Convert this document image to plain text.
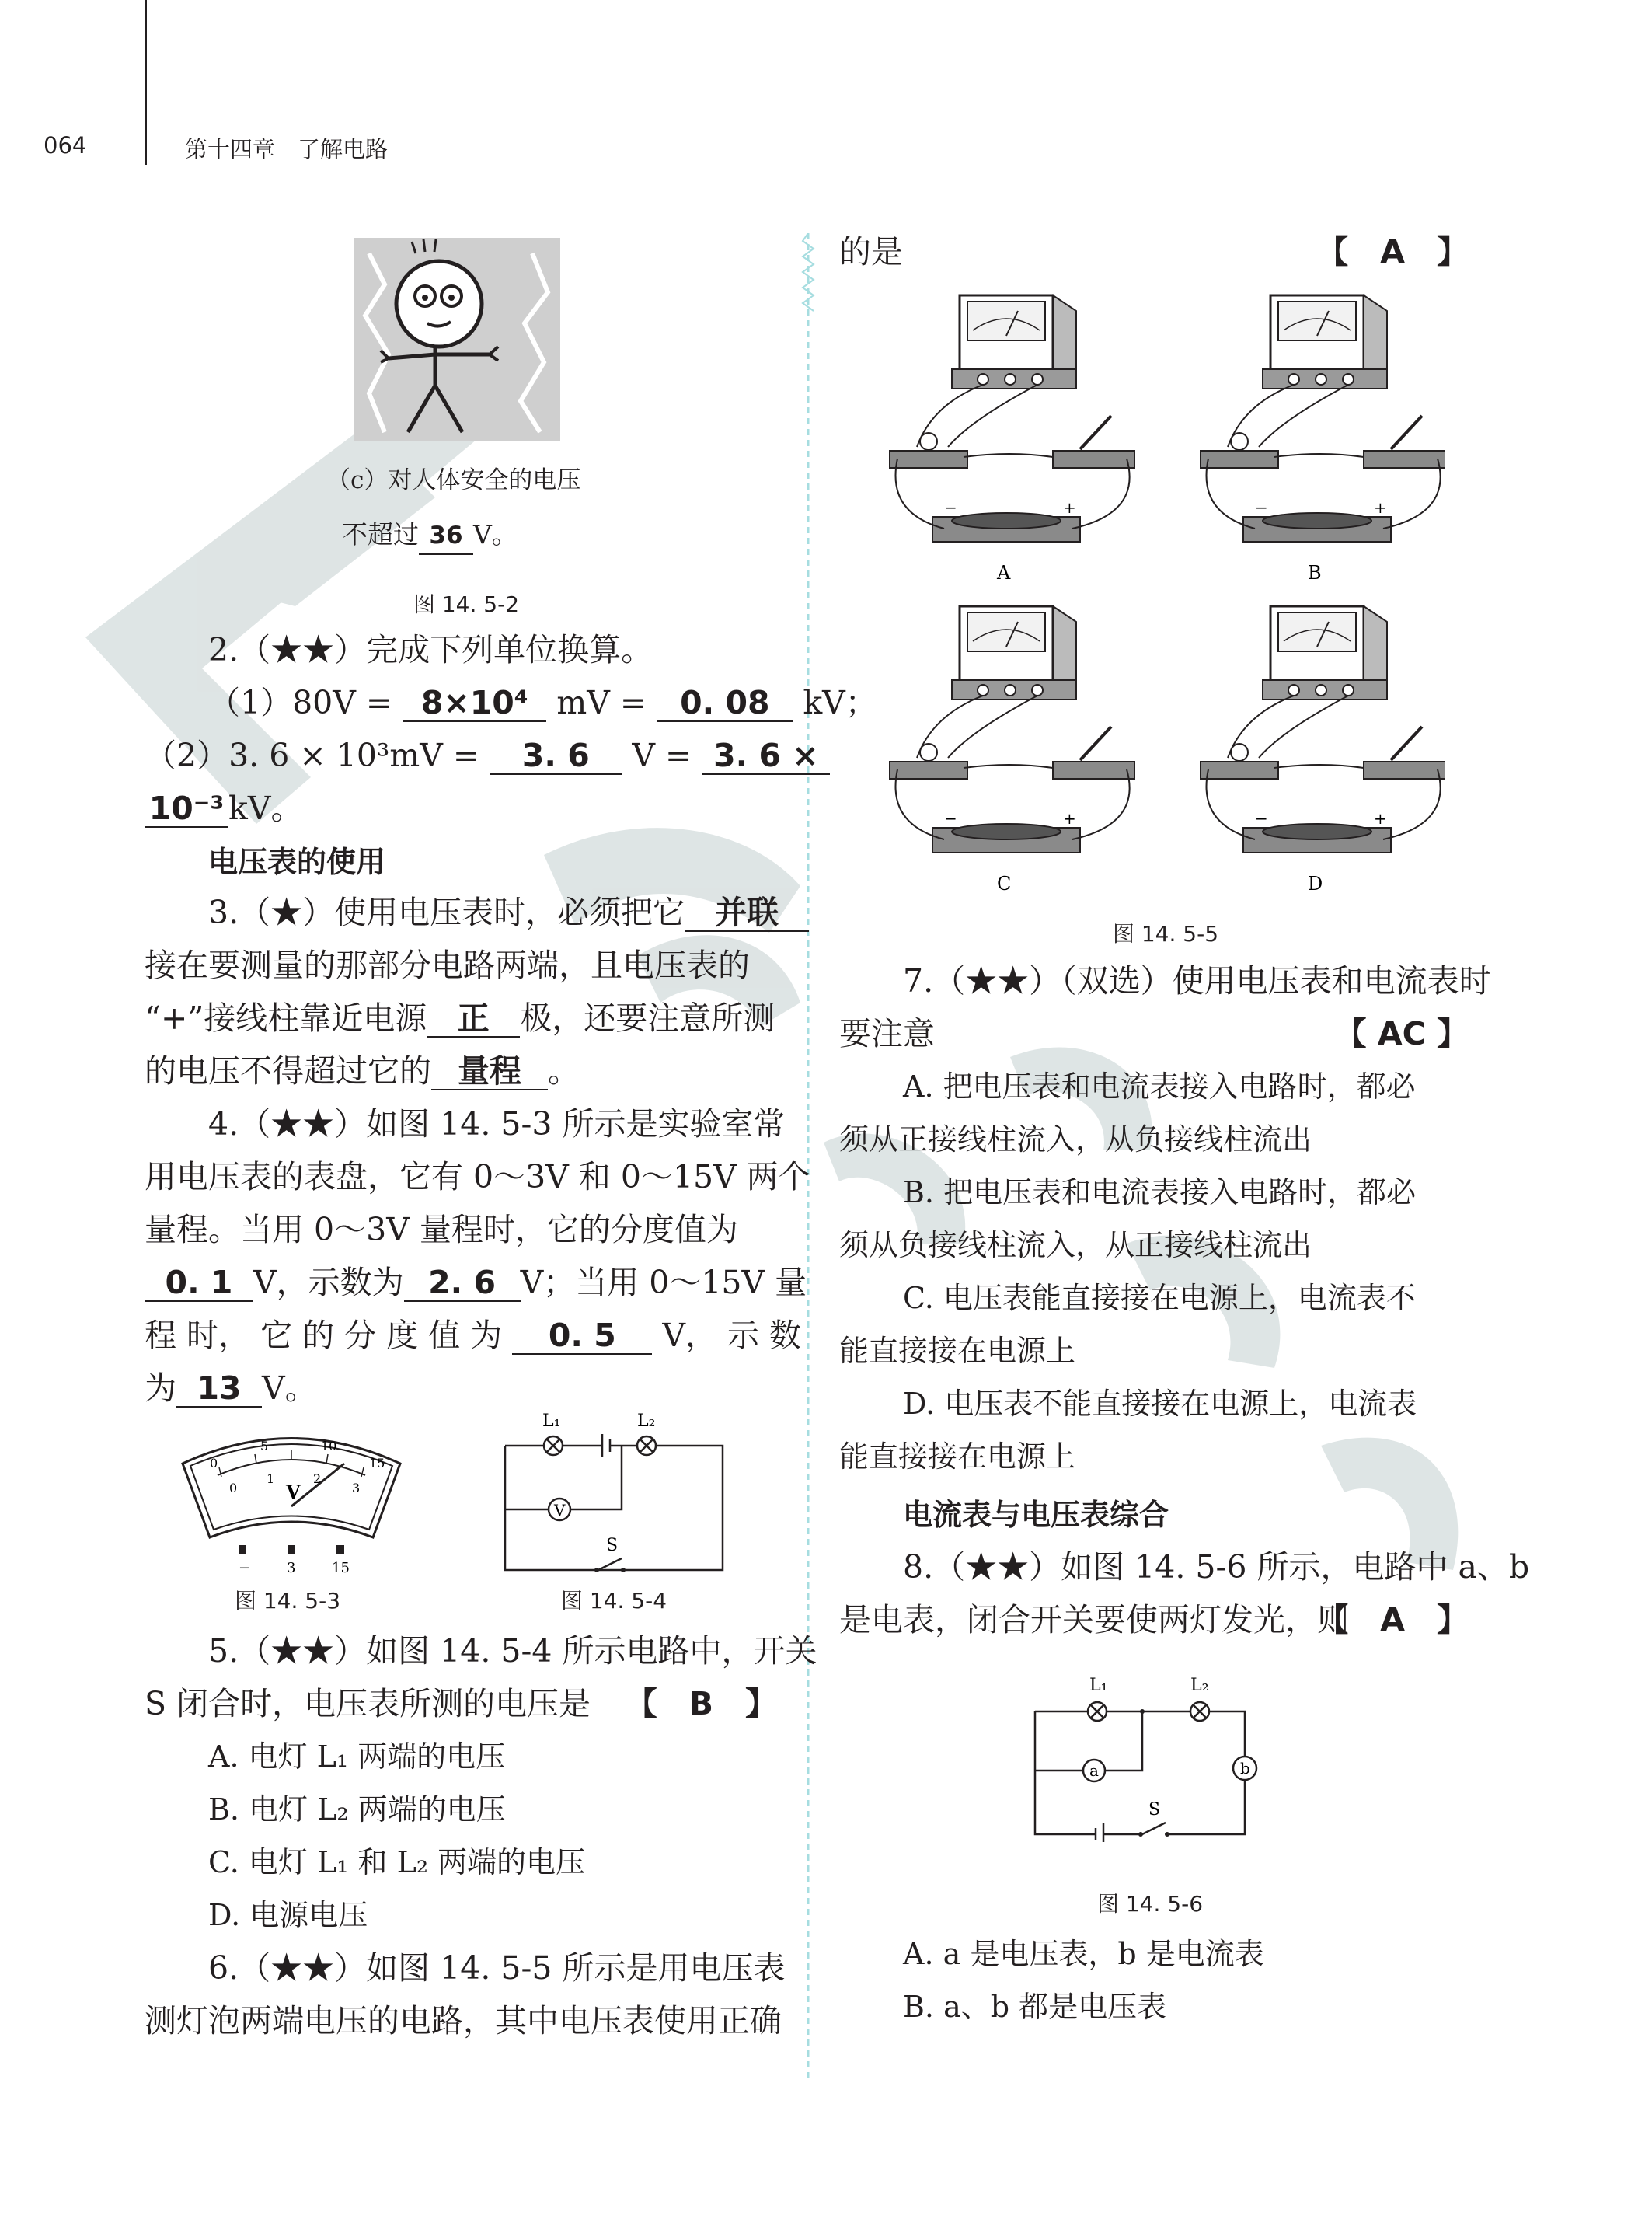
064	第十四章　了解电路
（c）对人体安全的电压
不超过 36 V。
图 14. 5-2
2.（★★）完成下列单位换算。
（1）80V = 8×10⁴ mV = 0. 08 kV；
（2）3. 6 × 10³mV = 3. 6 V = 3. 6 ×
10⁻³ kV。
电压表的使用
3.（★）使用电压表时，必须把它 并联
接在要测量的那部分电路两端，且电压表的
“+”接线柱靠近电源 正 极，还要注意所测
的电压不得超过它的 量程 。
4.（★★）如图 14. 5-3 所示是实验室常
用电压表的表盘，它有 0～3V 和 0～15V 两个
量程。当用 0～3V 量程时，它的分度值为
0. 1 V，示数为 2. 6 V；当用 0～15V 量
程 时， 它 的 分 度 值 为 0. 5 V， 示 数
为 13 V。
0
5	10
15
0
1	2
3
V
−	3	15
图 14. 5-3
L₁	L₂
V
S
图 14. 5-4
5.（★★）如图 14. 5-4 所示电路中，开关
S 闭合时，电压表所测的电压是 【　B　】
A. 电灯 L₁ 两端的电压
B. 电灯 L₂ 两端的电压
C. 电灯 L₁ 和 L₂ 两端的电压
D. 电源电压
6.（★★）如图 14. 5-5 所示是用电压表
测灯泡两端电压的电路，其中电压表使用正确
的是	【　A　】
A	B
C	D
图 14. 5-5
7.（★★）（双选）使用电压表和电流表时
要注意	【 AC 】
A. 把电压表和电流表接入电路时，都必
须从正接线柱流入，从负接线柱流出
B. 把电压表和电流表接入电路时，都必
须从负接线柱流入，从正接线柱流出
C. 电压表能直接接在电源上，电流表不
能直接接在电源上
D. 电压表不能直接接在电源上，电流表
能直接接在电源上
电流表与电压表综合
8.（★★）如图 14. 5-6 所示，电路中 a、b
是电表，闭合开关要使两灯发光，则
【　A　】
L₁	L₂
a	b
S
图 14. 5-6
A. a 是电压表，b 是电流表
B. a、b 都是电压表
